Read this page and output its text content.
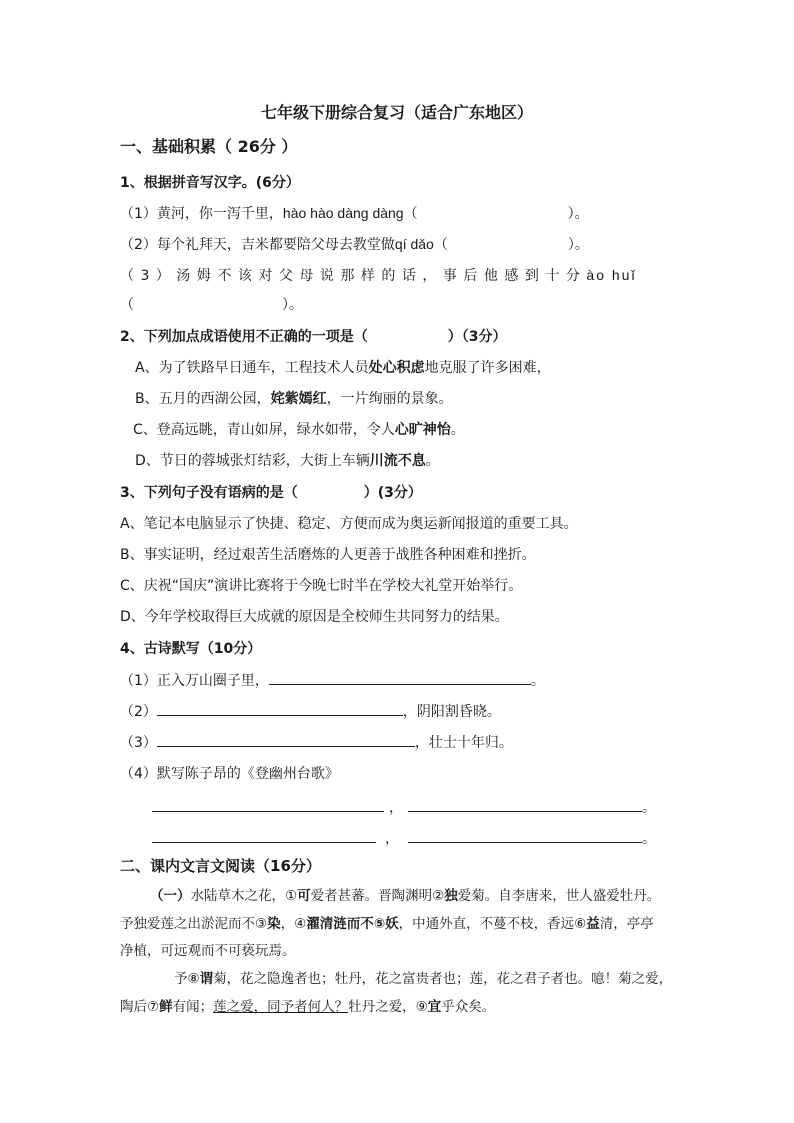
七年级下册综合复习（适合广东地区）
一、基础积累（ 26分 ）
1、根据拼音写汉字。(6分）
（1）黄河，你一泻千里，hào hào dàng dàng（	）。
（2）每个礼拜天，吉米都要陪父母去教堂做qí dǎo（	）。
（3）汤姆不该对父母说那样的话，事后他感到十分ào huǐ
（	）。
2、下列加点成语使用不正确的一项是（	）（3分）
A、为了铁路早日通车，工程技术人员处心积虑地克服了许多困难，
B、五月的西湖公园，姹紫嫣红，一片绚丽的景象。
C、登高远眺，青山如屏，绿水如带，令人心旷神怡。
D、节日的蓉城张灯结彩，大街上车辆川流不息。
3、下列句子没有语病的是（	）(3分）
A、笔记本电脑显示了快捷、稳定、方便而成为奥运新闻报道的重要工具。
B、事实证明，经过艰苦生活磨炼的人更善于战胜各种困难和挫折。
C、庆祝“国庆”演讲比赛将于今晚七时半在学校大礼堂开始举行。
D、今年学校取得巨大成就的原因是全校师生共同努力的结果。
4、古诗默写（10分）
（1）正入万山圈子里，	。
（2）	，阴阳割昏晓。
（3）	，壮士十年归。
（4）默写陈子昂的《登幽州台歌》
，	。
，	。
二、课内文言文阅读（16分）
（一）水陆草木之花，①可爱者甚蕃。晋陶渊明②独爱菊。自李唐来，世人盛爱牡丹。
予独爱莲之出淤泥而不③染，④濯清涟而不⑤妖，中通外直，不蔓不枝，香远⑥益清，亭亭
净植，可远观而不可亵玩焉。
予⑧谓菊，花之隐逸者也；牡丹，花之富贵者也；莲，花之君子者也。噫！菊之爱，
陶后⑦鲜有闻；莲之爱，同予者何人？牡丹之爱，⑨宜乎众矣。
